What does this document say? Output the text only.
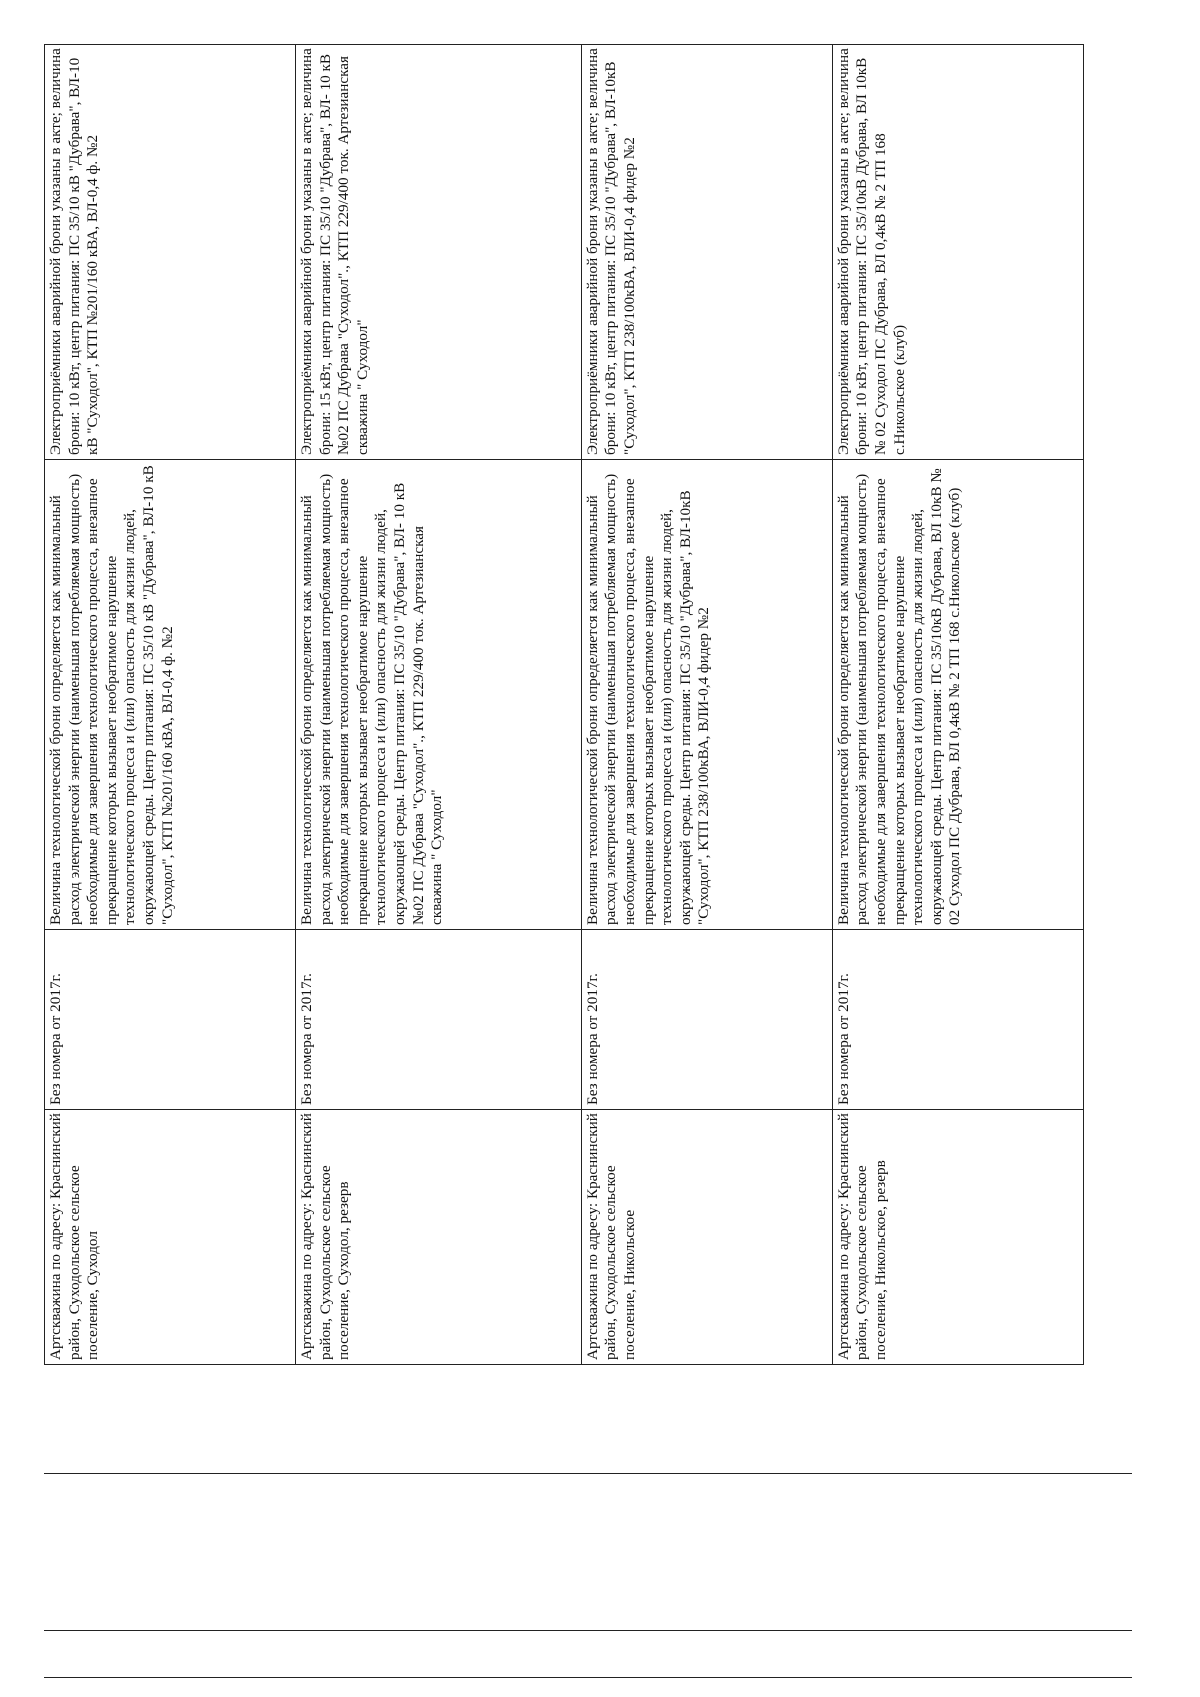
Артскважина по адресу: Краснинский район, Суходольское сельское поселение, Суходол	Без номера от 2017г.	Величина технологической брони определяется как минимальный расход электрической энергии (наименьшая потребляемая мощность) необходимые для завершения технологического процесса, внезапное прекращение которых вызывает необратимое нарушение технологического процесса и (или) опасность для жизни людей, окружающей среды. Центр питания: ПС 35/10 кВ "Дубрава", ВЛ-10 кВ "Суходол", КТП №201/160 кВА, ВЛ-0,4 ф. №2	Электроприёмники аварийной брони указаны в акте; величина брони: 10 кВт, центр питания: ПС 35/10 кВ "Дубрава", ВЛ-10 кВ "Суходол", КТП №201/160 кВА, ВЛ-0,4 ф. №2
Артскважина по адресу: Краснинский район, Суходольское сельское поселение, Суходол, резерв	Без номера от 2017г.	Величина технологической брони определяется как минимальный расход электрической энергии (наименьшая потребляемая мощность) необходимые для завершения технологического процесса, внезапное прекращение которых вызывает необратимое нарушение технологического процесса и (или) опасность для жизни людей, окружающей среды. Центр питания: ПС 35/10 "Дубрава", ВЛ- 10 кВ №02 ПС Дубрава "Суходол"., КТП 229/400 ток. Артезианская скважина " Суходол"	Электроприёмники аварийной брони указаны в акте; величина брони: 15 кВт, центр питания: ПС 35/10 "Дубрава", ВЛ- 10 кВ №02 ПС Дубрава "Суходол"., КТП 229/400 ток. Артезианская скважина " Суходол"
Артскважина по адресу: Краснинский район, Суходольское сельское поселение, Никольское	Без номера от 2017г.	Величина технологической брони определяется как минимальный расход электрической энергии (наименьшая потребляемая мощность) необходимые для завершения технологического процесса, внезапное прекращение которых вызывает необратимое нарушение технологического процесса и (или) опасность для жизни людей, окружающей среды. Центр питания: ПС 35/10 "Дубрава", ВЛ-10кВ "Суходол", КТП 238/100кВА, ВЛИ-0,4 фидер №2	Электроприёмники аварийной брони указаны в акте; величина брони: 10 кВт, центр питания: ПС 35/10 "Дубрава", ВЛ-10кВ "Суходол", КТП 238/100кВА, ВЛИ-0,4 фидер №2
Артскважина по адресу: Краснинский район, Суходольское сельское поселение, Никольское, резерв	Без номера от 2017г.	Величина технологической брони определяется как минимальный расход электрической энергии (наименьшая потребляемая мощность) необходимые для завершения технологического процесса, внезапное прекращение которых вызывает необратимое нарушение технологического процесса и (или) опасность для жизни людей, окружающей среды. Центр питания: ПС 35/10кВ Дубрава, ВЛ 10кВ № 02 Суходол ПС Дубрава, ВЛ 0,4кВ № 2 ТП 168 с.Никольское (клуб)	Электроприёмники аварийной брони указаны в акте; величина брони: 10 кВт, центр питания: ПС 35/10кВ Дубрава, ВЛ 10кВ № 02 Суходол ПС Дубрава, ВЛ 0,4кВ № 2 ТП 168 с.Никольское (клуб)
